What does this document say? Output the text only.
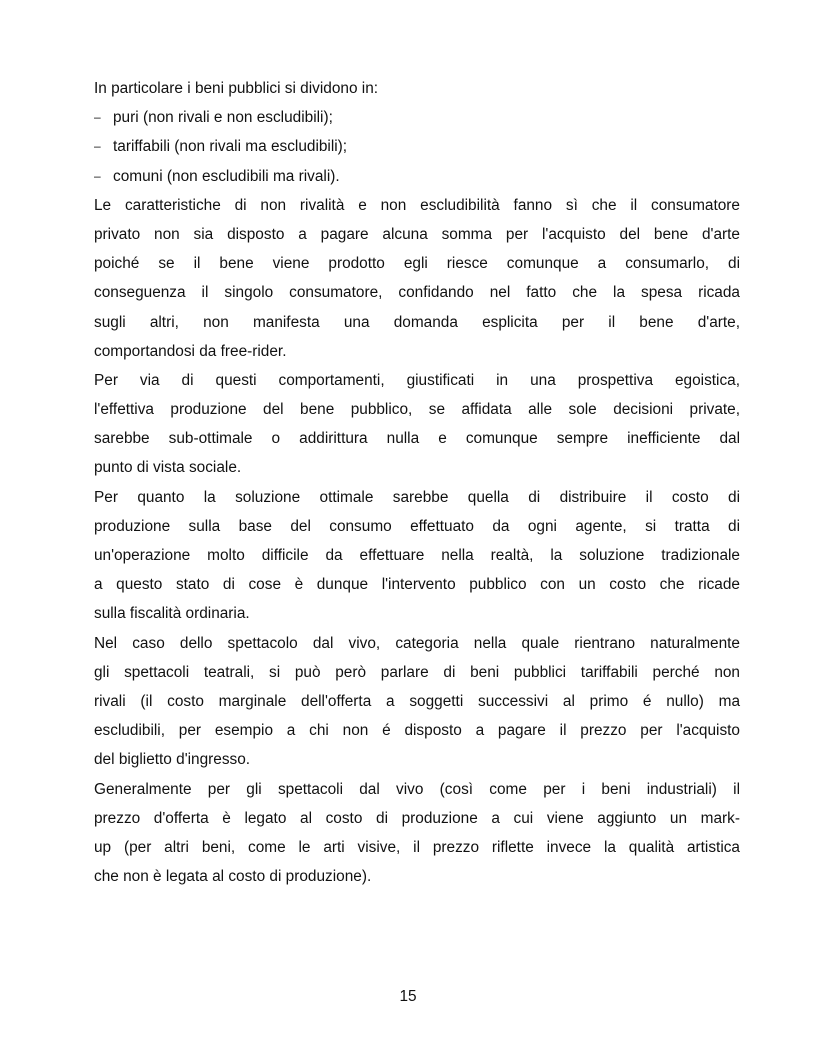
In particolare i beni pubblici si dividono in:
– puri (non rivali e non escludibili);
– tariffabili (non rivali ma escludibili);
– comuni (non escludibili ma rivali).
Le caratteristiche di non rivalità e non escludibilità fanno sì che il consumatore
privato non sia disposto a pagare alcuna somma per l'acquisto del bene d'arte
poiché se il bene viene prodotto egli riesce comunque a consumarlo, di
conseguenza il singolo consumatore, confidando nel fatto che la spesa ricada
sugli altri, non manifesta una domanda esplicita per il bene d'arte,
comportandosi da free-rider.
Per via di questi comportamenti, giustificati in una prospettiva egoistica,
l'effettiva produzione del bene pubblico, se affidata alle sole decisioni private,
sarebbe sub-ottimale o addirittura nulla e comunque sempre inefficiente dal
punto di vista sociale.
Per quanto la soluzione ottimale sarebbe quella di distribuire il costo di
produzione sulla base del consumo effettuato da ogni agente, si tratta di
un'operazione molto difficile da effettuare nella realtà, la soluzione tradizionale
a questo stato di cose è dunque l'intervento pubblico con un costo che ricade
sulla fiscalità ordinaria.
Nel caso dello spettacolo dal vivo, categoria nella quale rientrano naturalmente
gli spettacoli teatrali, si può però parlare di beni pubblici tariffabili perché non
rivali (il costo marginale dell'offerta a soggetti successivi al primo é nullo) ma
escludibili, per esempio a chi non é disposto a pagare il prezzo per l'acquisto
del biglietto d'ingresso.
Generalmente per gli spettacoli dal vivo (così come per i beni industriali) il
prezzo d'offerta è legato al costo di produzione a cui viene aggiunto un mark-
up (per altri beni, come le arti visive, il prezzo riflette invece la qualità artistica
che non è legata al costo di produzione).
15
